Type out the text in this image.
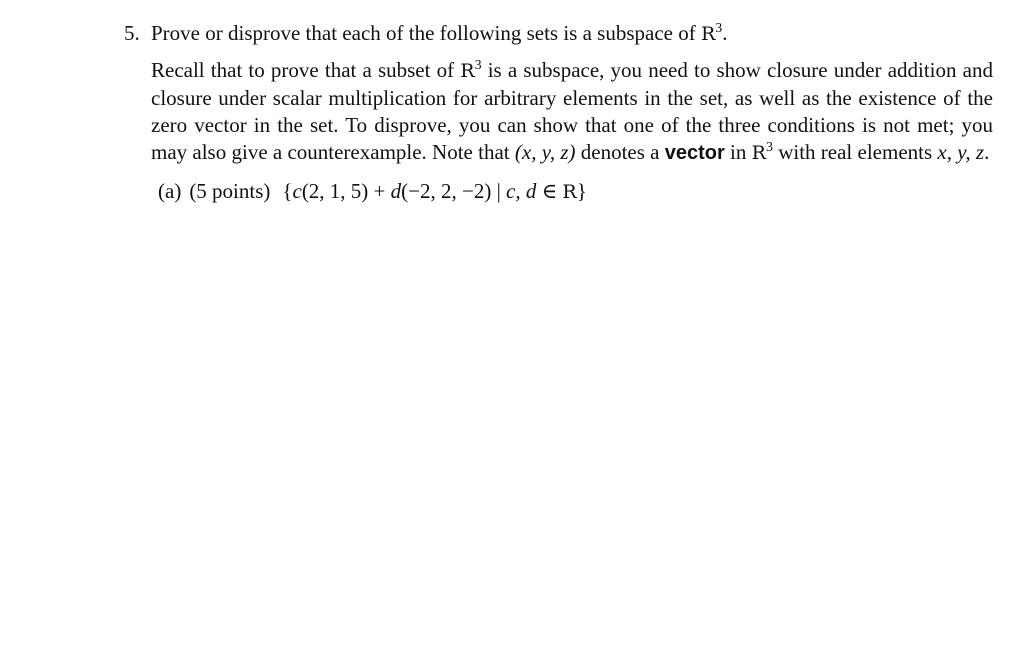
5. Prove or disprove that each of the following sets is a subspace of $R^3$.

Recall that to prove that a subset of $R^3$ is a subspace, you need to show closure under addition and closure under scalar multiplication for arbitrary elements in the set, as well as the existence of the zero vector in the set. To disprove, you can show that one of the three conditions is not met; you may also give a counterexample. Note that (x, y, z) denotes a vector in $R^3$ with real elements x, y, z.

(a) (5 points) {c(2, 1, 5) + d(−2, 2, −2) | c, d ∈ R}
